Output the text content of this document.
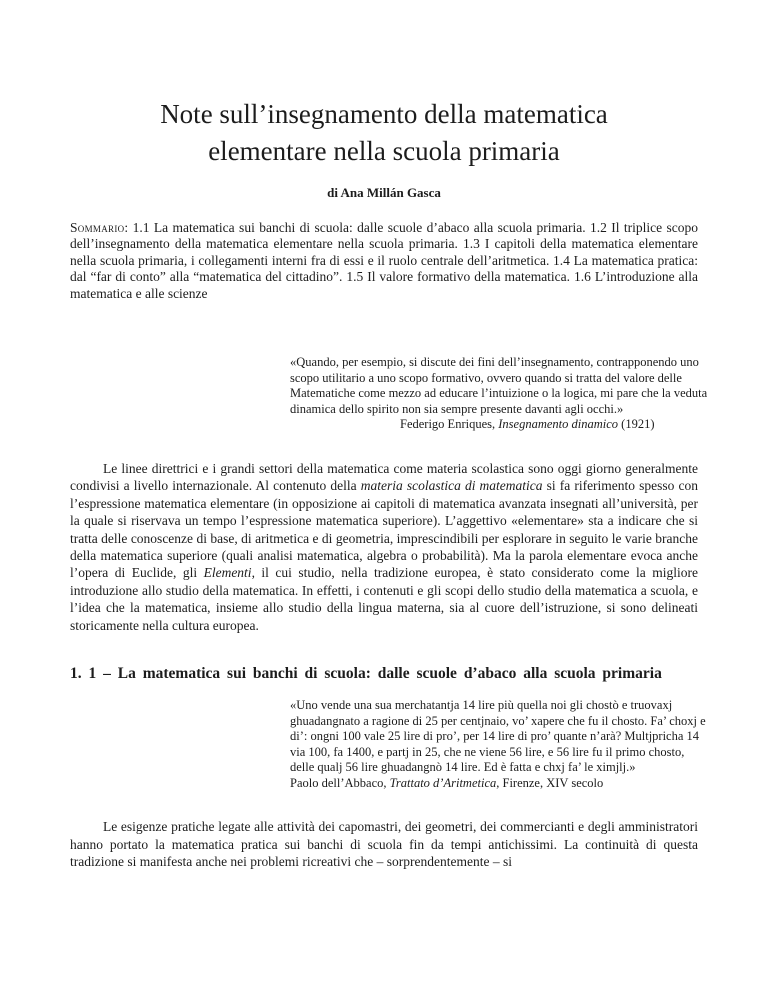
Note sull’insegnamento della matematica elementare nella scuola primaria
di Ana Millán Gasca

Sommario: 1.1 La matematica sui banchi di scuola: dalle scuole d’abaco alla scuola primaria. 1.2 Il triplice scopo dell’insegnamento della matematica elementare nella scuola primaria. 1.3 I capitoli della matematica elementare nella scuola primaria, i collegamenti interni fra di essi e il ruolo centrale dell’aritmetica. 1.4 La matematica pratica: dal “far di conto” alla “matematica del cittadino”. 1.5 Il valore formativo della matematica. 1.6 L’introduzione alla matematica e alle scienze

«Quando, per esempio, si discute dei fini dell’insegnamento, contrapponendo uno scopo utilitario a uno scopo formativo, ovvero quando si tratta del valore delle Matematiche come mezzo ad educare l’intuizione o la logica, mi pare che la veduta dinamica dello spirito non sia sempre presente davanti agli occhi.»
Federigo Enriques, Insegnamento dinamico (1921)

Le linee direttrici e i grandi settori della matematica come materia scolastica sono oggi giorno generalmente condivisi a livello internazionale. Al contenuto della materia scolastica di matematica si fa riferimento spesso con l’espressione matematica elementare (in opposizione ai capitoli di matematica avanzata insegnati all’università, per la quale si riservava un tempo l’espressione matematica superiore). L’aggettivo «elementare» sta a indicare che si tratta delle conoscenze di base, di aritmetica e di geometria, imprescindibili per esplorare in seguito le varie branche della matematica superiore (quali analisi matematica, algebra o probabilità). Ma la parola elementare evoca anche l’opera di Euclide, gli Elementi, il cui studio, nella tradizione europea, è stato considerato come la migliore introduzione allo studio della matematica. In effetti, i contenuti e gli scopi dello studio della matematica a scuola, e l’idea che la matematica, insieme allo studio della lingua materna, sia al cuore dell’istruzione, si sono delineati storicamente nella cultura europea.

1. 1 – La matematica sui banchi di scuola: dalle scuole d’abaco alla scuola primaria
«Uno vende una sua merchatantja 14 lire più quella noi gli chostò e truovaxj ghuadangnato a ragione di 25 per centjnaio, vo’ xapere che fu il chosto. Fa’ choxj e di’: ongni 100 vale 25 lire di pro’, per 14 lire di pro’ quante n’arà? Multjpricha 14 via 100, fa 1400, e partj in 25, che ne viene 56 lire, e 56 lire fu il primo chosto, delle qualj 56 lire ghuadangnò 14 lire. Ed è fatta e chxj fa’ le ximjlj.»
Paolo dell’Abbaco, Trattato d’Aritmetica, Firenze, XIV secolo

Le esigenze pratiche legate alle attività dei capomastri, dei geometri, dei commercianti e degli amministratori hanno portato la matematica pratica sui banchi di scuola fin da tempi antichissimi. La continuità di questa tradizione si manifesta anche nei problemi ricreativi che – sorprendentemente – si
